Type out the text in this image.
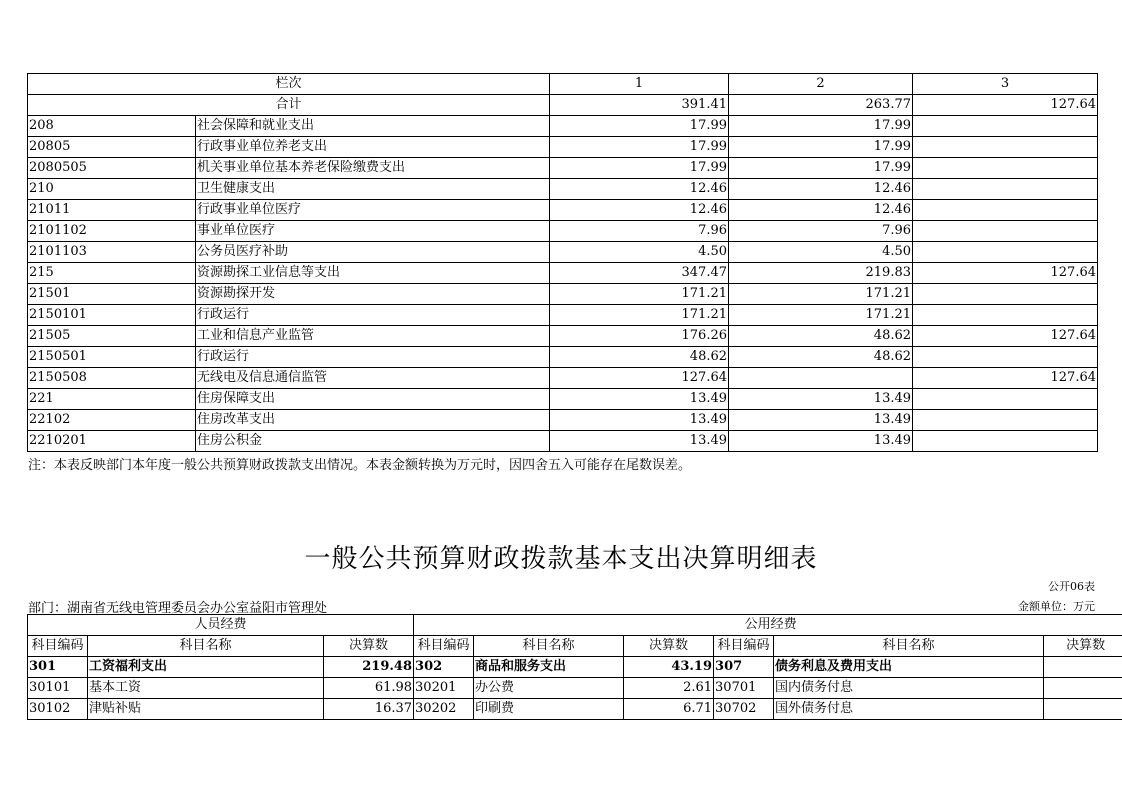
栏次		1	2	3
合计		391.41	263.77	127.64
208	社会保障和就业支出	17.99	17.99	
20805	行政事业单位养老支出	17.99	17.99	
2080505	机关事业单位基本养老保险缴费支出	17.99	17.99	
210	卫生健康支出	12.46	12.46	
21011	行政事业单位医疗	12.46	12.46	
2101102	事业单位医疗	7.96	7.96	
2101103	公务员医疗补助	4.50	4.50	
215	资源勘探工业信息等支出	347.47	219.83	127.64
21501	资源勘探开发	171.21	171.21	
2150101	行政运行	171.21	171.21	
21505	工业和信息产业监管	176.26	48.62	127.64
2150501	行政运行	48.62	48.62	
2150508	无线电及信息通信监管	127.64		127.64
221	住房保障支出	13.49	13.49	
22102	住房改革支出	13.49	13.49	
2210201	住房公积金	13.49	13.49	
注：本表反映部门本年度一般公共预算财政拨款支出情况。本表金额转换为万元时，因四舍五入可能存在尾数误差。
一般公共预算财政拨款基本支出决算明细表
公开06表
部门：湖南省无线电管理委员会办公室益阳市管理处	金额单位：万元
人员经费			公用经费					
科目编码	科目名称	决算数	科目编码	科目名称	决算数	科目编码	科目名称	决算数
301	工资福利支出	219.48	302	商品和服务支出	43.19	307	债务利息及费用支出	
30101	基本工资	61.98	30201	办公费	2.61	30701	国内债务付息	
30102	津贴补贴	16.37	30202	印刷费	6.71	30702	国外债务付息	
